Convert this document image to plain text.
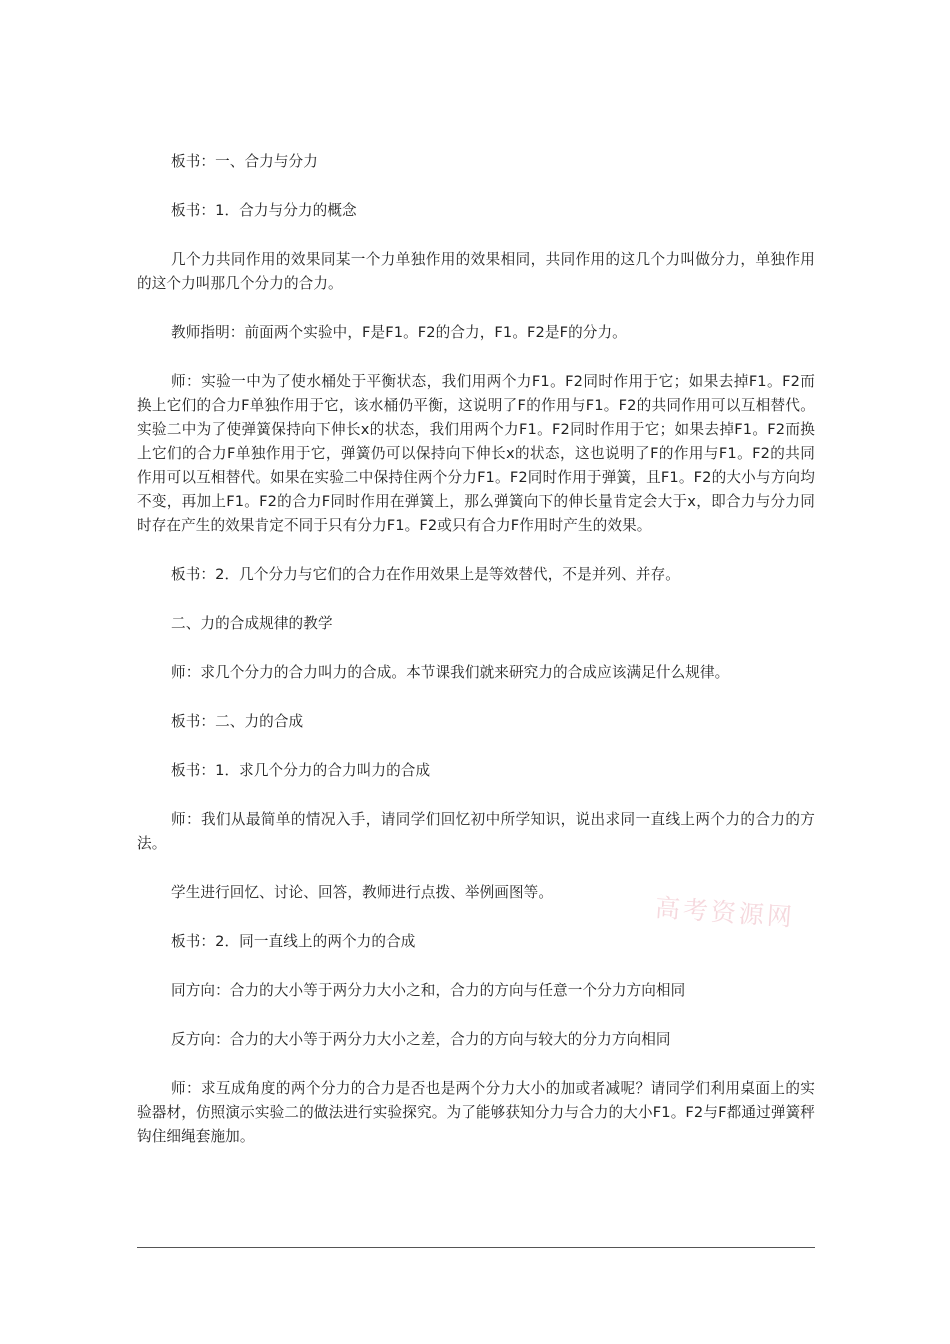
板书：一、合力与分力

板书：1．合力与分力的概念

几个力共同作用的效果同某一个力单独作用的效果相同，共同作用的这几个力叫做分力，单独作用的这个力叫那几个分力的合力。

教师指明：前面两个实验中，F是F1。F2的合力，F1。F2是F的分力。

师：实验一中为了使水桶处于平衡状态，我们用两个力F1。F2同时作用于它；如果去掉F1。F2而换上它们的合力F单独作用于它，该水桶仍平衡，这说明了F的作用与F1。F2的共同作用可以互相替代。实验二中为了使弹簧保持向下伸长x的状态，我们用两个力F1。F2同时作用于它；如果去掉F1。F2而换上它们的合力F单独作用于它，弹簧仍可以保持向下伸长x的状态，这也说明了F的作用与F1。F2的共同作用可以互相替代。如果在实验二中保持住两个分力F1。F2同时作用于弹簧，且F1。F2的大小与方向均不变，再加上F1。F2的合力F同时作用在弹簧上，那么弹簧向下的伸长量肯定会大于x，即合力与分力同时存在产生的效果肯定不同于只有分力F1。F2或只有合力F作用时产生的效果。

板书：2．几个分力与它们的合力在作用效果上是等效替代，不是并列、并存。

二、力的合成规律的教学

师：求几个分力的合力叫力的合成。本节课我们就来研究力的合成应该满足什么规律。

板书：二、力的合成

板书：1．求几个分力的合力叫力的合成

师：我们从最简单的情况入手，请同学们回忆初中所学知识，说出求同一直线上两个力的合力的方法。

学生进行回忆、讨论、回答，教师进行点拨、举例画图等。

板书：2．同一直线上的两个力的合成

同方向：合力的大小等于两分力大小之和，合力的方向与任意一个分力方向相同

反方向：合力的大小等于两分力大小之差，合力的方向与较大的分力方向相同

师：求互成角度的两个分力的合力是否也是两个分力大小的加或者减呢？请同学们利用桌面上的实验器材，仿照演示实验二的做法进行实验探究。为了能够获知分力与合力的大小F1。F2与F都通过弹簧秤钩住细绳套施加。

高考资源网
